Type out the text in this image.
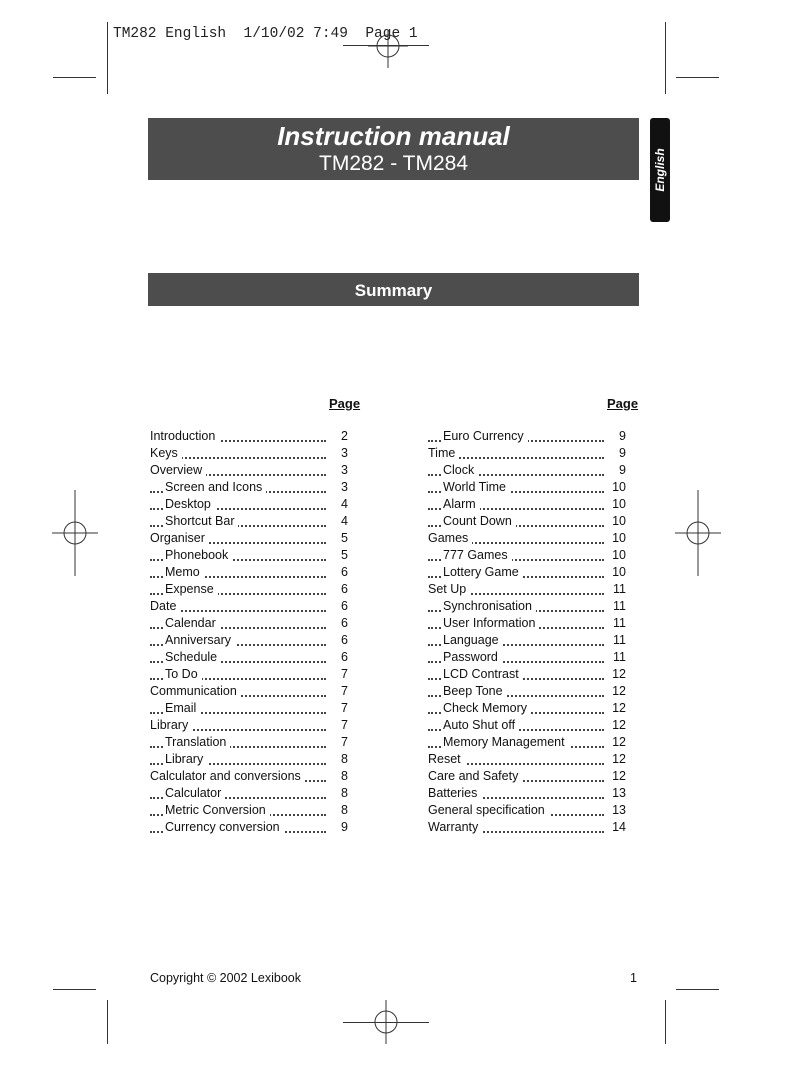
TM282 English  1/10/02 7:49  Page 1
Instruction manual
TM282 - TM284	English
Summary
Page	Page
Introduction	2
Keys	3
Overview	3
Screen and Icons	3
Desktop	4
Shortcut Bar	4
Organiser	5
Phonebook	5
Memo	6
Expense	6
Date	6
Calendar	6
Anniversary	6
Schedule	6
To Do	7
Communication	7
Email	7
Library	7
Translation	7
Library	8
Calculator and conversions	8
Calculator	8
Metric Conversion	8
Currency conversion	9
Euro Currency	9
Time	9
Clock	9
World Time	10
Alarm	10
Count Down	10
Games	10
777 Games	10
Lottery Game	10
Set Up	11
Synchronisation	11
User Information	11
Language	11
Password	11
LCD Contrast	12
Beep Tone	12
Check Memory	12
Auto Shut off	12
Memory Management	12
Reset	12
Care and Safety	12
Batteries	13
General specification	13
Warranty	14
Copyright © 2002 Lexibook	1
